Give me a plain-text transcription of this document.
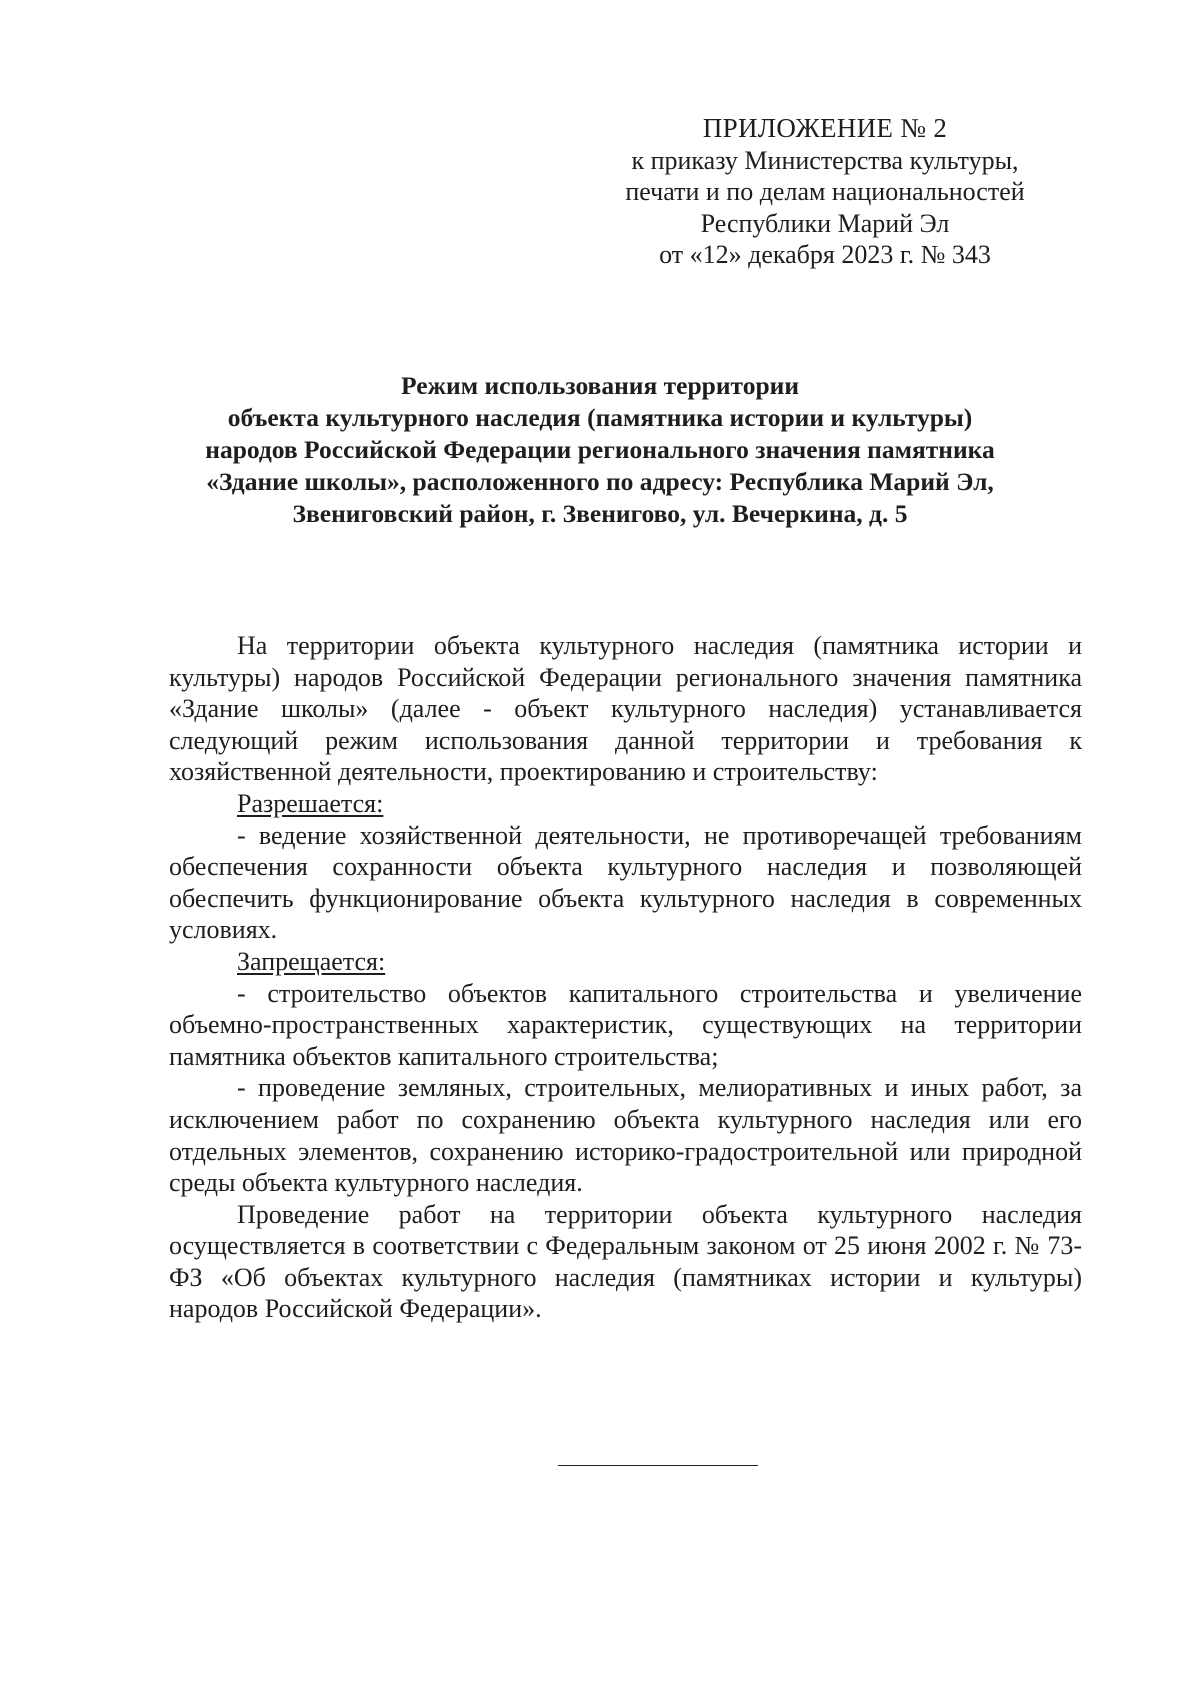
ПРИЛОЖЕНИЕ № 2
к приказу Министерства культуры,
печати и по делам национальностей
Республики Марий Эл
от «12» декабря 2023 г. № 343
Режим использования территории
объекта культурного наследия (памятника истории и культуры)
народов Российской Федерации регионального значения памятника
«Здание школы», расположенного по адресу: Республика Марий Эл,
Звениговский район, г. Звенигово, ул. Вечеркина, д. 5

На территории объекта культурного наследия (памятника истории и культуры) народов Российской Федерации регионального значения памятника «Здание школы» (далее - объект культурного наследия) устанавливается следующий режим использования данной территории и требования к хозяйственной деятельности, проектированию и строительству:

Разрешается:

- ведение хозяйственной деятельности, не противоречащей требованиям обеспечения сохранности объекта культурного наследия и позволяющей обеспечить функционирование объекта культурного наследия в современных условиях.

Запрещается:

- строительство объектов капитального строительства и увеличение объемно-пространственных характеристик, существующих на территории памятника объектов капитального строительства;

- проведение земляных, строительных, мелиоративных и иных работ, за исключением работ по сохранению объекта культурного наследия или его отдельных элементов, сохранению историко-градостроительной или природной среды объекта культурного наследия.

Проведение работ на территории объекта культурного наследия осуществляется в соответствии с Федеральным законом от 25 июня 2002 г. № 73-ФЗ «Об объектах культурного наследия (памятниках истории и культуры) народов Российской Федерации».
